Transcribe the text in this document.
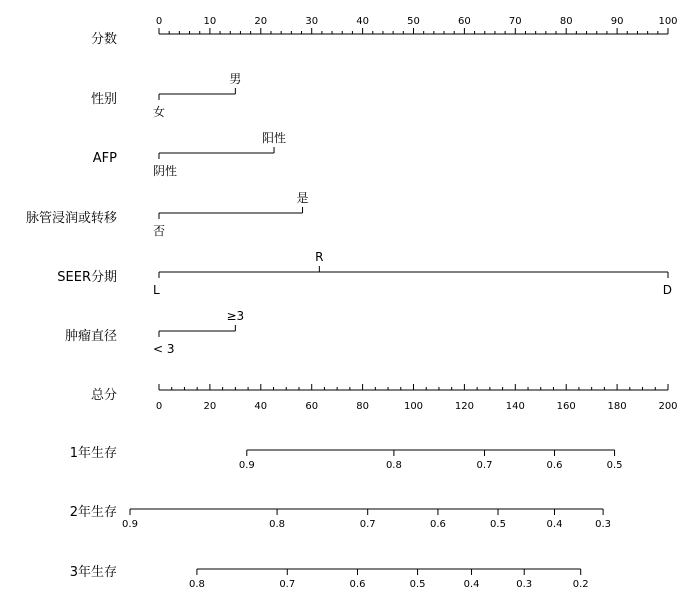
分数
0	10	20	30	40	50	60	70	80	90	100
性别
女
男
AFP
阴性
阳性
脉管浸润或转移
否
是
SEER分期
L
R
D
肿瘤直径
< 3
≥3
总分
0	20	40	60	80	100	120	140	160	180	200
1年生存
0.9	0.8	0.7	0.6	0.5
2年生存
0.9	0.8	0.7	0.6	0.5	0.4	0.3
3年生存
0.8	0.7	0.6	0.5	0.4	0.3	0.2
